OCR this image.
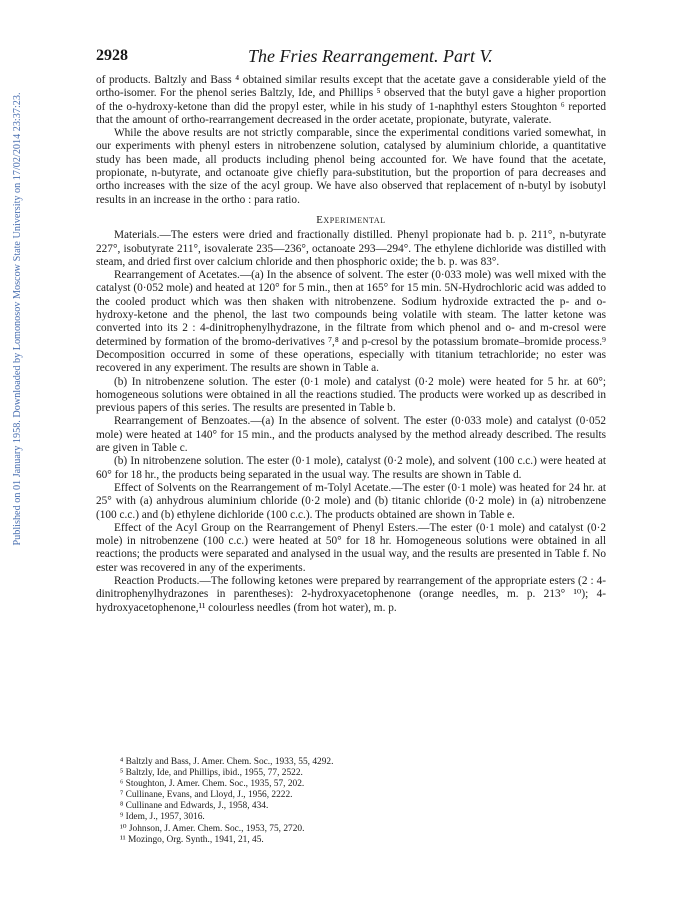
Published on 01 January 1958. Downloaded by Lomonosov Moscow State University on 17/02/2014 23:37:23.
2928	The Fries Rearrangement. Part V.

of products. Baltzly and Bass ⁴ obtained similar results except that the acetate gave a considerable yield of the ortho-isomer. For the phenol series Baltzly, Ide, and Phillips ⁵ observed that the butyl gave a higher proportion of the o-hydroxy-ketone than did the propyl ester, while in his study of 1-naphthyl esters Stoughton ⁶ reported that the amount of ortho-rearrangement decreased in the order acetate, propionate, butyrate, valerate.

While the above results are not strictly comparable, since the experimental conditions varied somewhat, in our experiments with phenyl esters in nitrobenzene solution, catalysed by aluminium chloride, a quantitative study has been made, all products including phenol being accounted for. We have found that the acetate, propionate, n-butyrate, and octanoate give chiefly para-substitution, but the proportion of para decreases and ortho increases with the size of the acyl group. We have also observed that replacement of n-butyl by isobutyl results in an increase in the ortho : para ratio.

Experimental

Materials.—The esters were dried and fractionally distilled. Phenyl propionate had b. p. 211°, n-butyrate 227°, isobutyrate 211°, isovalerate 235—236°, octanoate 293—294°. The ethylene dichloride was distilled with steam, and dried first over calcium chloride and then phosphoric oxide; the b. p. was 83°.

Rearrangement of Acetates.—(a) In the absence of solvent. The ester (0·033 mole) was well mixed with the catalyst (0·052 mole) and heated at 120° for 5 min., then at 165° for 15 min. 5N-Hydrochloric acid was added to the cooled product which was then shaken with nitrobenzene. Sodium hydroxide extracted the p- and o-hydroxy-ketone and the phenol, the last two compounds being volatile with steam. The latter ketone was converted into its 2 : 4-dinitrophenylhydrazone, in the filtrate from which phenol and o- and m-cresol were determined by formation of the bromo-derivatives ⁷,⁸ and p-cresol by the potassium bromate–bromide process.⁹ Decomposition occurred in some of these operations, especially with titanium tetrachloride; no ester was recovered in any experiment. The results are shown in Table a.

(b) In nitrobenzene solution. The ester (0·1 mole) and catalyst (0·2 mole) were heated for 5 hr. at 60°; homogeneous solutions were obtained in all the reactions studied. The products were worked up as described in previous papers of this series. The results are presented in Table b.

Rearrangement of Benzoates.—(a) In the absence of solvent. The ester (0·033 mole) and catalyst (0·052 mole) were heated at 140° for 15 min., and the products analysed by the method already described. The results are given in Table c.

(b) In nitrobenzene solution. The ester (0·1 mole), catalyst (0·2 mole), and solvent (100 c.c.) were heated at 60° for 18 hr., the products being separated in the usual way. The results are shown in Table d.

Effect of Solvents on the Rearrangement of m-Tolyl Acetate.—The ester (0·1 mole) was heated for 24 hr. at 25° with (a) anhydrous aluminium chloride (0·2 mole) and (b) titanic chloride (0·2 mole) in (a) nitrobenzene (100 c.c.) and (b) ethylene dichloride (100 c.c.). The products obtained are shown in Table e.

Effect of the Acyl Group on the Rearrangement of Phenyl Esters.—The ester (0·1 mole) and catalyst (0·2 mole) in nitrobenzene (100 c.c.) were heated at 50° for 18 hr. Homogeneous solutions were obtained in all reactions; the products were separated and analysed in the usual way, and the results are presented in Table f. No ester was recovered in any of the experiments.

Reaction Products.—The following ketones were prepared by rearrangement of the appropriate esters (2 : 4-dinitrophenylhydrazones in parentheses): 2-hydroxyacetophenone (orange needles, m. p. 213° ¹⁰); 4-hydroxyacetophenone,¹¹ colourless needles (from hot water), m. p.

⁴ Baltzly and Bass, J. Amer. Chem. Soc., 1933, 55, 4292.
⁵ Baltzly, Ide, and Phillips, ibid., 1955, 77, 2522.
⁶ Stoughton, J. Amer. Chem. Soc., 1935, 57, 202.
⁷ Cullinane, Evans, and Lloyd, J., 1956, 2222.
⁸ Cullinane and Edwards, J., 1958, 434.
⁹ Idem, J., 1957, 3016.
¹⁰ Johnson, J. Amer. Chem. Soc., 1953, 75, 2720.
¹¹ Mozingo, Org. Synth., 1941, 21, 45.
